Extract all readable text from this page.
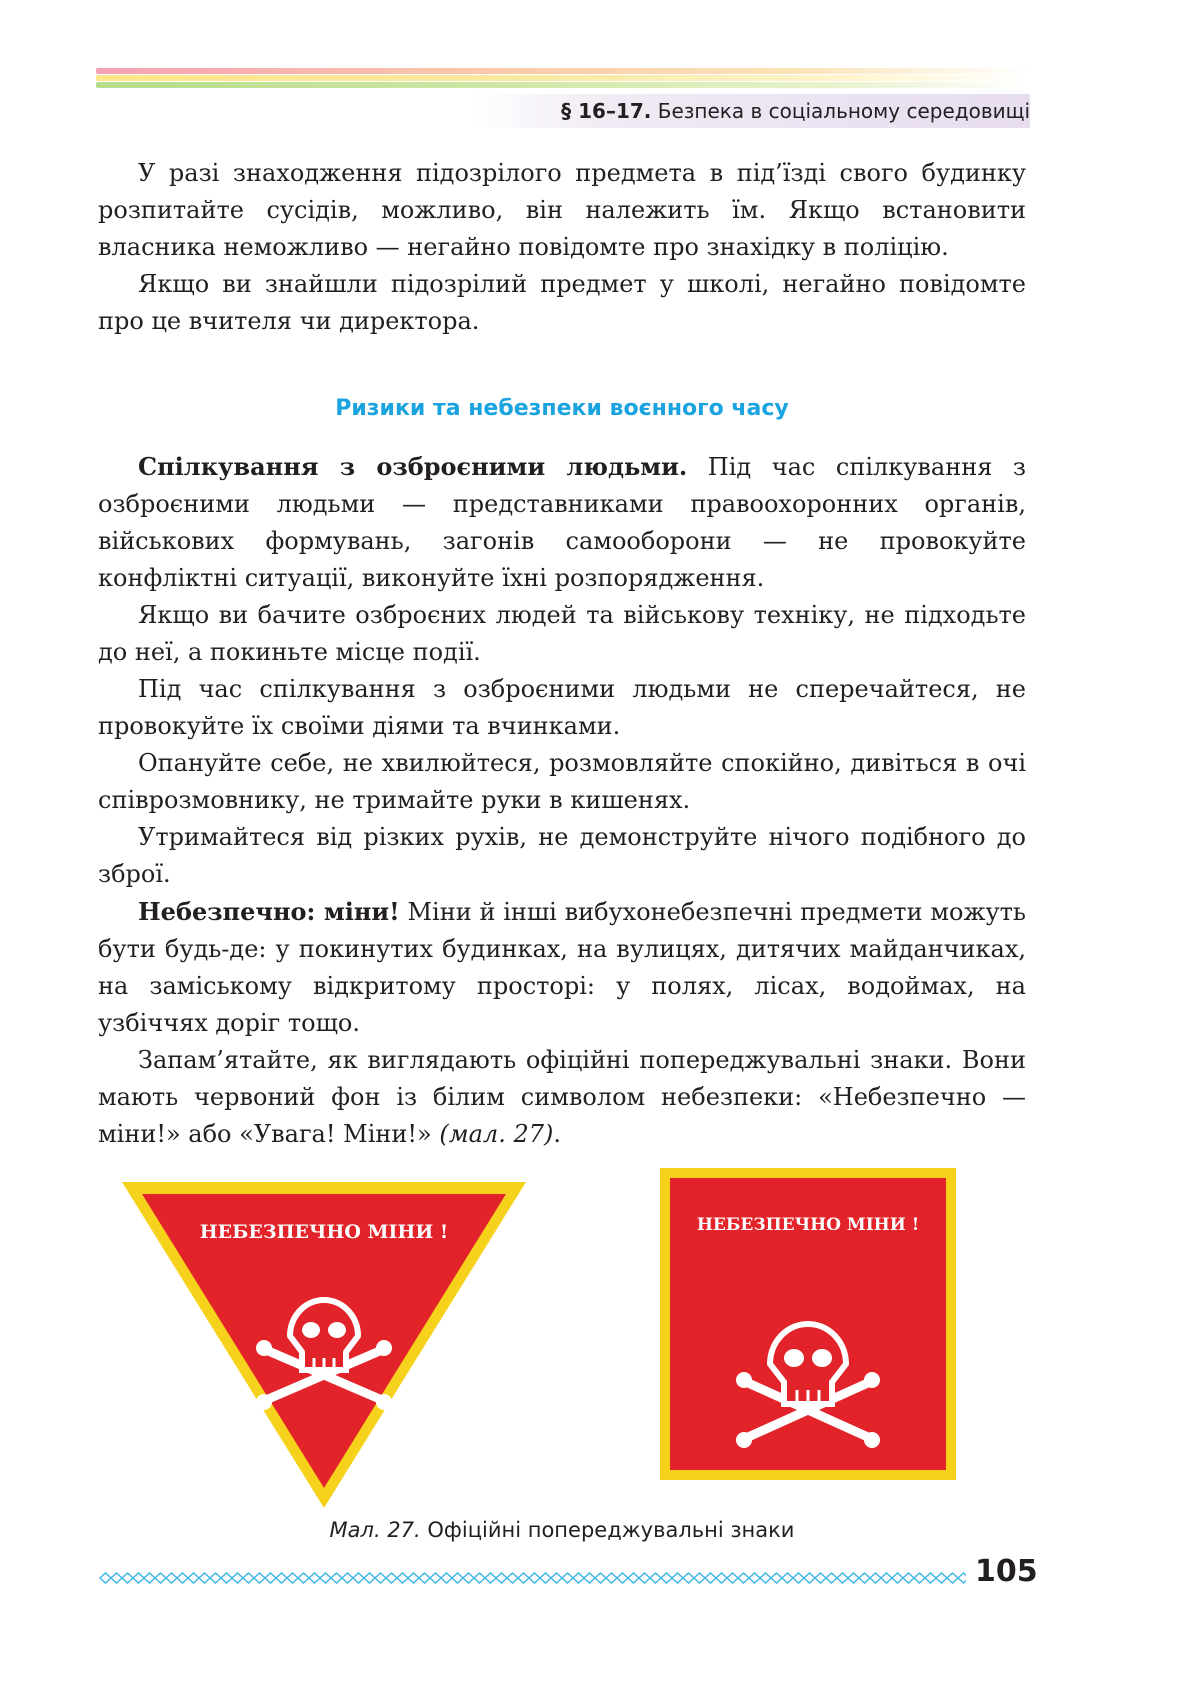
§ 16–17. Безпека в соціальному середовищі

У разі знаходження підозрілого предмета в під’їзді свого будинку розпитайте сусідів, можливо, він належить їм. Якщо встановити власника неможливо — негайно повідомте про знахідку в поліцію.

Якщо ви знайшли підозрілий предмет у школі, негайно повідомте про це вчителя чи директора.

Ризики та небезпеки воєнного часу

Спілкування з озброєними людьми. Під час спілкування з озброєними людьми — представниками правоохоронних органів, військових формувань, загонів самооборони — не провокуйте конфліктні ситуації, виконуйте їхні розпорядження.

Якщо ви бачите озброєних людей та військову техніку, не підходьте до неї, а покиньте місце події.

Під час спілкування з озброєними людьми не сперечайтеся, не провокуйте їх своїми діями та вчинками.

Опануйте себе, не хвилюйтеся, розмовляйте спокійно, дивіться в очі співрозмовнику, не тримайте руки в кишенях.

Утримайтеся від різких рухів, не демонструйте нічого подібного до зброї.

Небезпечно: міни! Міни й інші вибухонебезпечні предмети можуть бути будь-де: у покинутих будинках, на вулицях, дитячих майданчиках, на заміському відкритому просторі: у полях, лісах, водоймах, на узбіччях доріг тощо.

Запам’ятайте, як виглядають офіційні попереджувальні знаки. Вони мають червоний фон із білим символом небезпеки: «Небезпечно — міни!» або «Увага! Міни!» (мал. 27).

НЕБЕЗПЕЧНО МІНИ !	НЕБЕЗПЕЧНО МІНИ !
Мал. 27. Офіційні попереджувальні знаки
105
